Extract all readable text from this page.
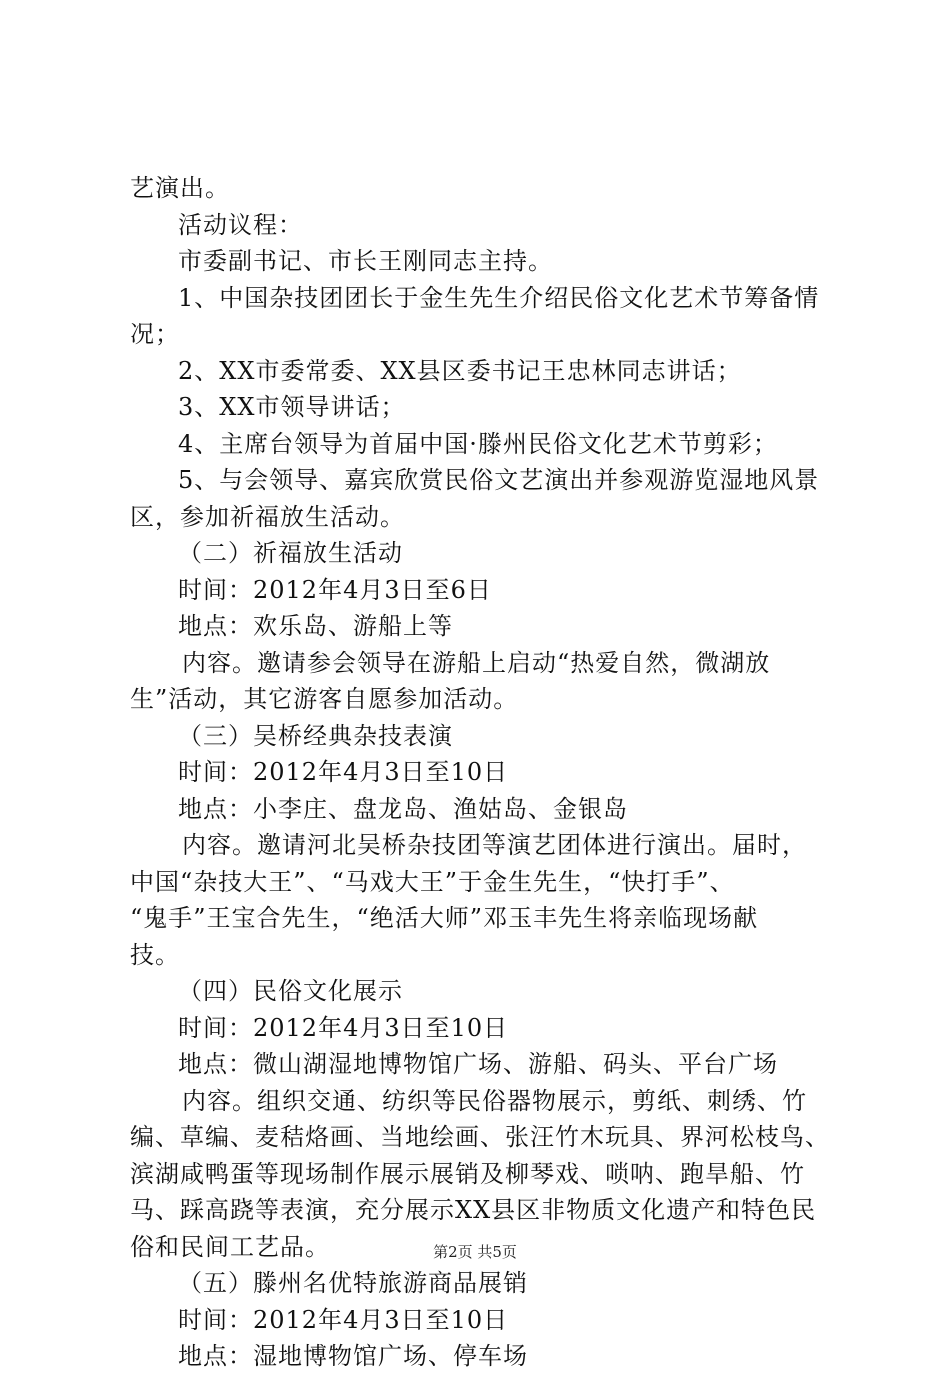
艺演出。
活动议程：
市委副书记、市长王刚同志主持。
1、中国杂技团团长于金生先生介绍民俗文化艺术节筹备情
况；
2、XX市委常委、XX县区委书记王忠林同志讲话；
3、XX市领导讲话；
4、主席台领导为首届中国·滕州民俗文化艺术节剪彩；
5、与会领导、嘉宾欣赏民俗文艺演出并参观游览湿地风景
区，参加祈福放生活动。
（二）祈福放生活动
时间：2012年4月3日至6日
地点：欢乐岛、游船上等
内容。邀请参会领导在游船上启动“热爱自然，微湖放
生”活动，其它游客自愿参加活动。
（三）吴桥经典杂技表演
时间：2012年4月3日至10日
地点：小李庄、盘龙岛、渔姑岛、金银岛
内容。邀请河北吴桥杂技团等演艺团体进行演出。届时，
中国“杂技大王”、“马戏大王”于金生先生，“快打手”、
“鬼手”王宝合先生，“绝活大师”邓玉丰先生将亲临现场献
技。
（四）民俗文化展示
时间：2012年4月3日至10日
地点：微山湖湿地博物馆广场、游船、码头、平台广场
内容。组织交通、纺织等民俗器物展示，剪纸、刺绣、竹
编、草编、麦秸烙画、当地绘画、张汪竹木玩具、界河松枝鸟、
滨湖咸鸭蛋等现场制作展示展销及柳琴戏、唢呐、跑旱船、竹
马、踩高跷等表演，充分展示XX县区非物质文化遗产和特色民
俗和民间工艺品。
（五）滕州名优特旅游商品展销
时间：2012年4月3日至10日
地点：湿地博物馆广场、停车场
第2页 共5页
